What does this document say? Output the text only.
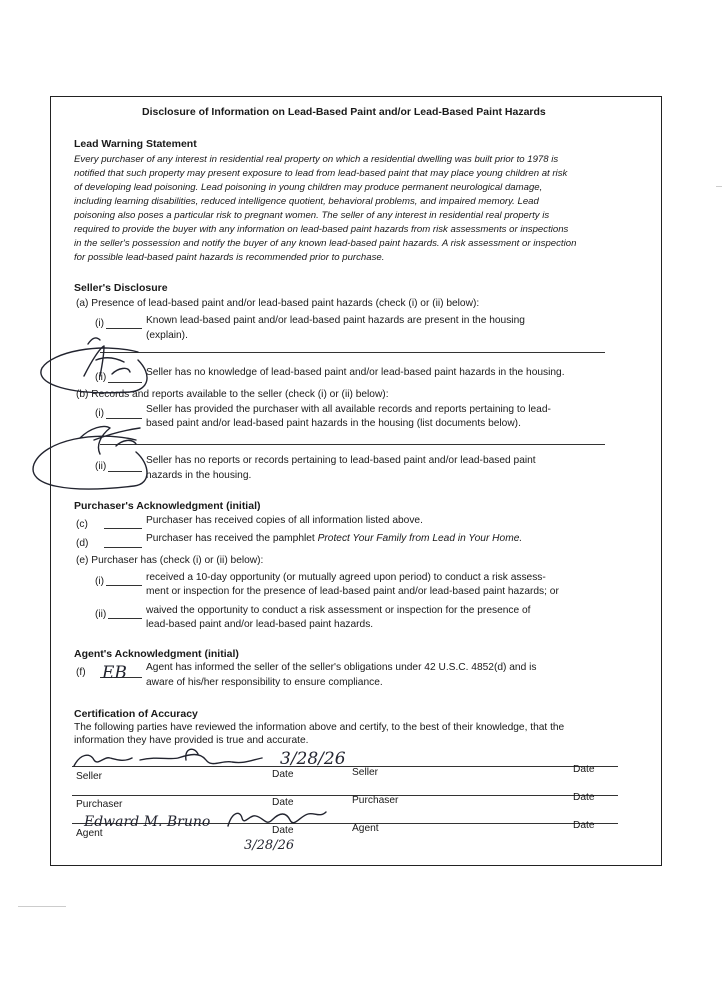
Disclosure of Information on Lead-Based Paint and/or Lead-Based Paint Hazards
Lead Warning Statement
Every purchaser of any interest in residential real property on which a residential dwelling was built prior to 1978 is
notified that such property may present exposure to lead from lead-based paint that may place young children at risk
of developing lead poisoning. Lead poisoning in young children may produce permanent neurological damage,
including learning disabilities, reduced intelligence quotient, behavioral problems, and impaired memory. Lead
poisoning also poses a particular risk to pregnant women. The seller of any interest in residential real property is
required to provide the buyer with any information on lead-based paint hazards from risk assessments or inspections
in the seller's possession and notify the buyer of any known lead-based paint hazards. A risk assessment or inspection
for possible lead-based paint hazards is recommended prior to purchase.
Seller's Disclosure
(a) Presence of lead-based paint and/or lead-based paint hazards (check (i) or (ii) below):
(i)	Known lead-based paint and/or lead-based paint hazards are present in the housing
(explain).
(ii)	Seller has no knowledge of lead-based paint and/or lead-based paint hazards in the housing.
(b) Records and reports available to the seller (check (i) or (ii) below):
(i)	Seller has provided the purchaser with all available records and reports pertaining to lead-
based paint and/or lead-based paint hazards in the housing (list documents below).
(ii)
Seller has no reports or records pertaining to lead-based paint and/or lead-based paint
hazards in the housing.
Purchaser's Acknowledgment (initial)
(c)	Purchaser has received copies of all information listed above.
(d)	Purchaser has received the pamphlet Protect Your Family from Lead in Your Home.
(e) Purchaser has (check (i) or (ii) below):
(i)	received a 10-day opportunity (or mutually agreed upon period) to conduct a risk assess-
ment or inspection for the presence of lead-based paint and/or lead-based paint hazards; or
(ii)	waived the opportunity to conduct a risk assessment or inspection for the presence of
lead-based paint and/or lead-based paint hazards.
Agent's Acknowledgment (initial)
(f)	Agent has informed the seller of the seller's obligations under 42 U.S.C. 4852(d) and is
aware of his/her responsibility to ensure compliance.
Certification of Accuracy
The following parties have reviewed the information above and certify, to the best of their knowledge, that the
information they have provided is true and accurate.
Seller	Date	Seller	Date
Purchaser	Date	Purchaser	Date
Agent	Date	Agent	Date
EB
3/28/26
Edward M. Bruno
3/28/26
